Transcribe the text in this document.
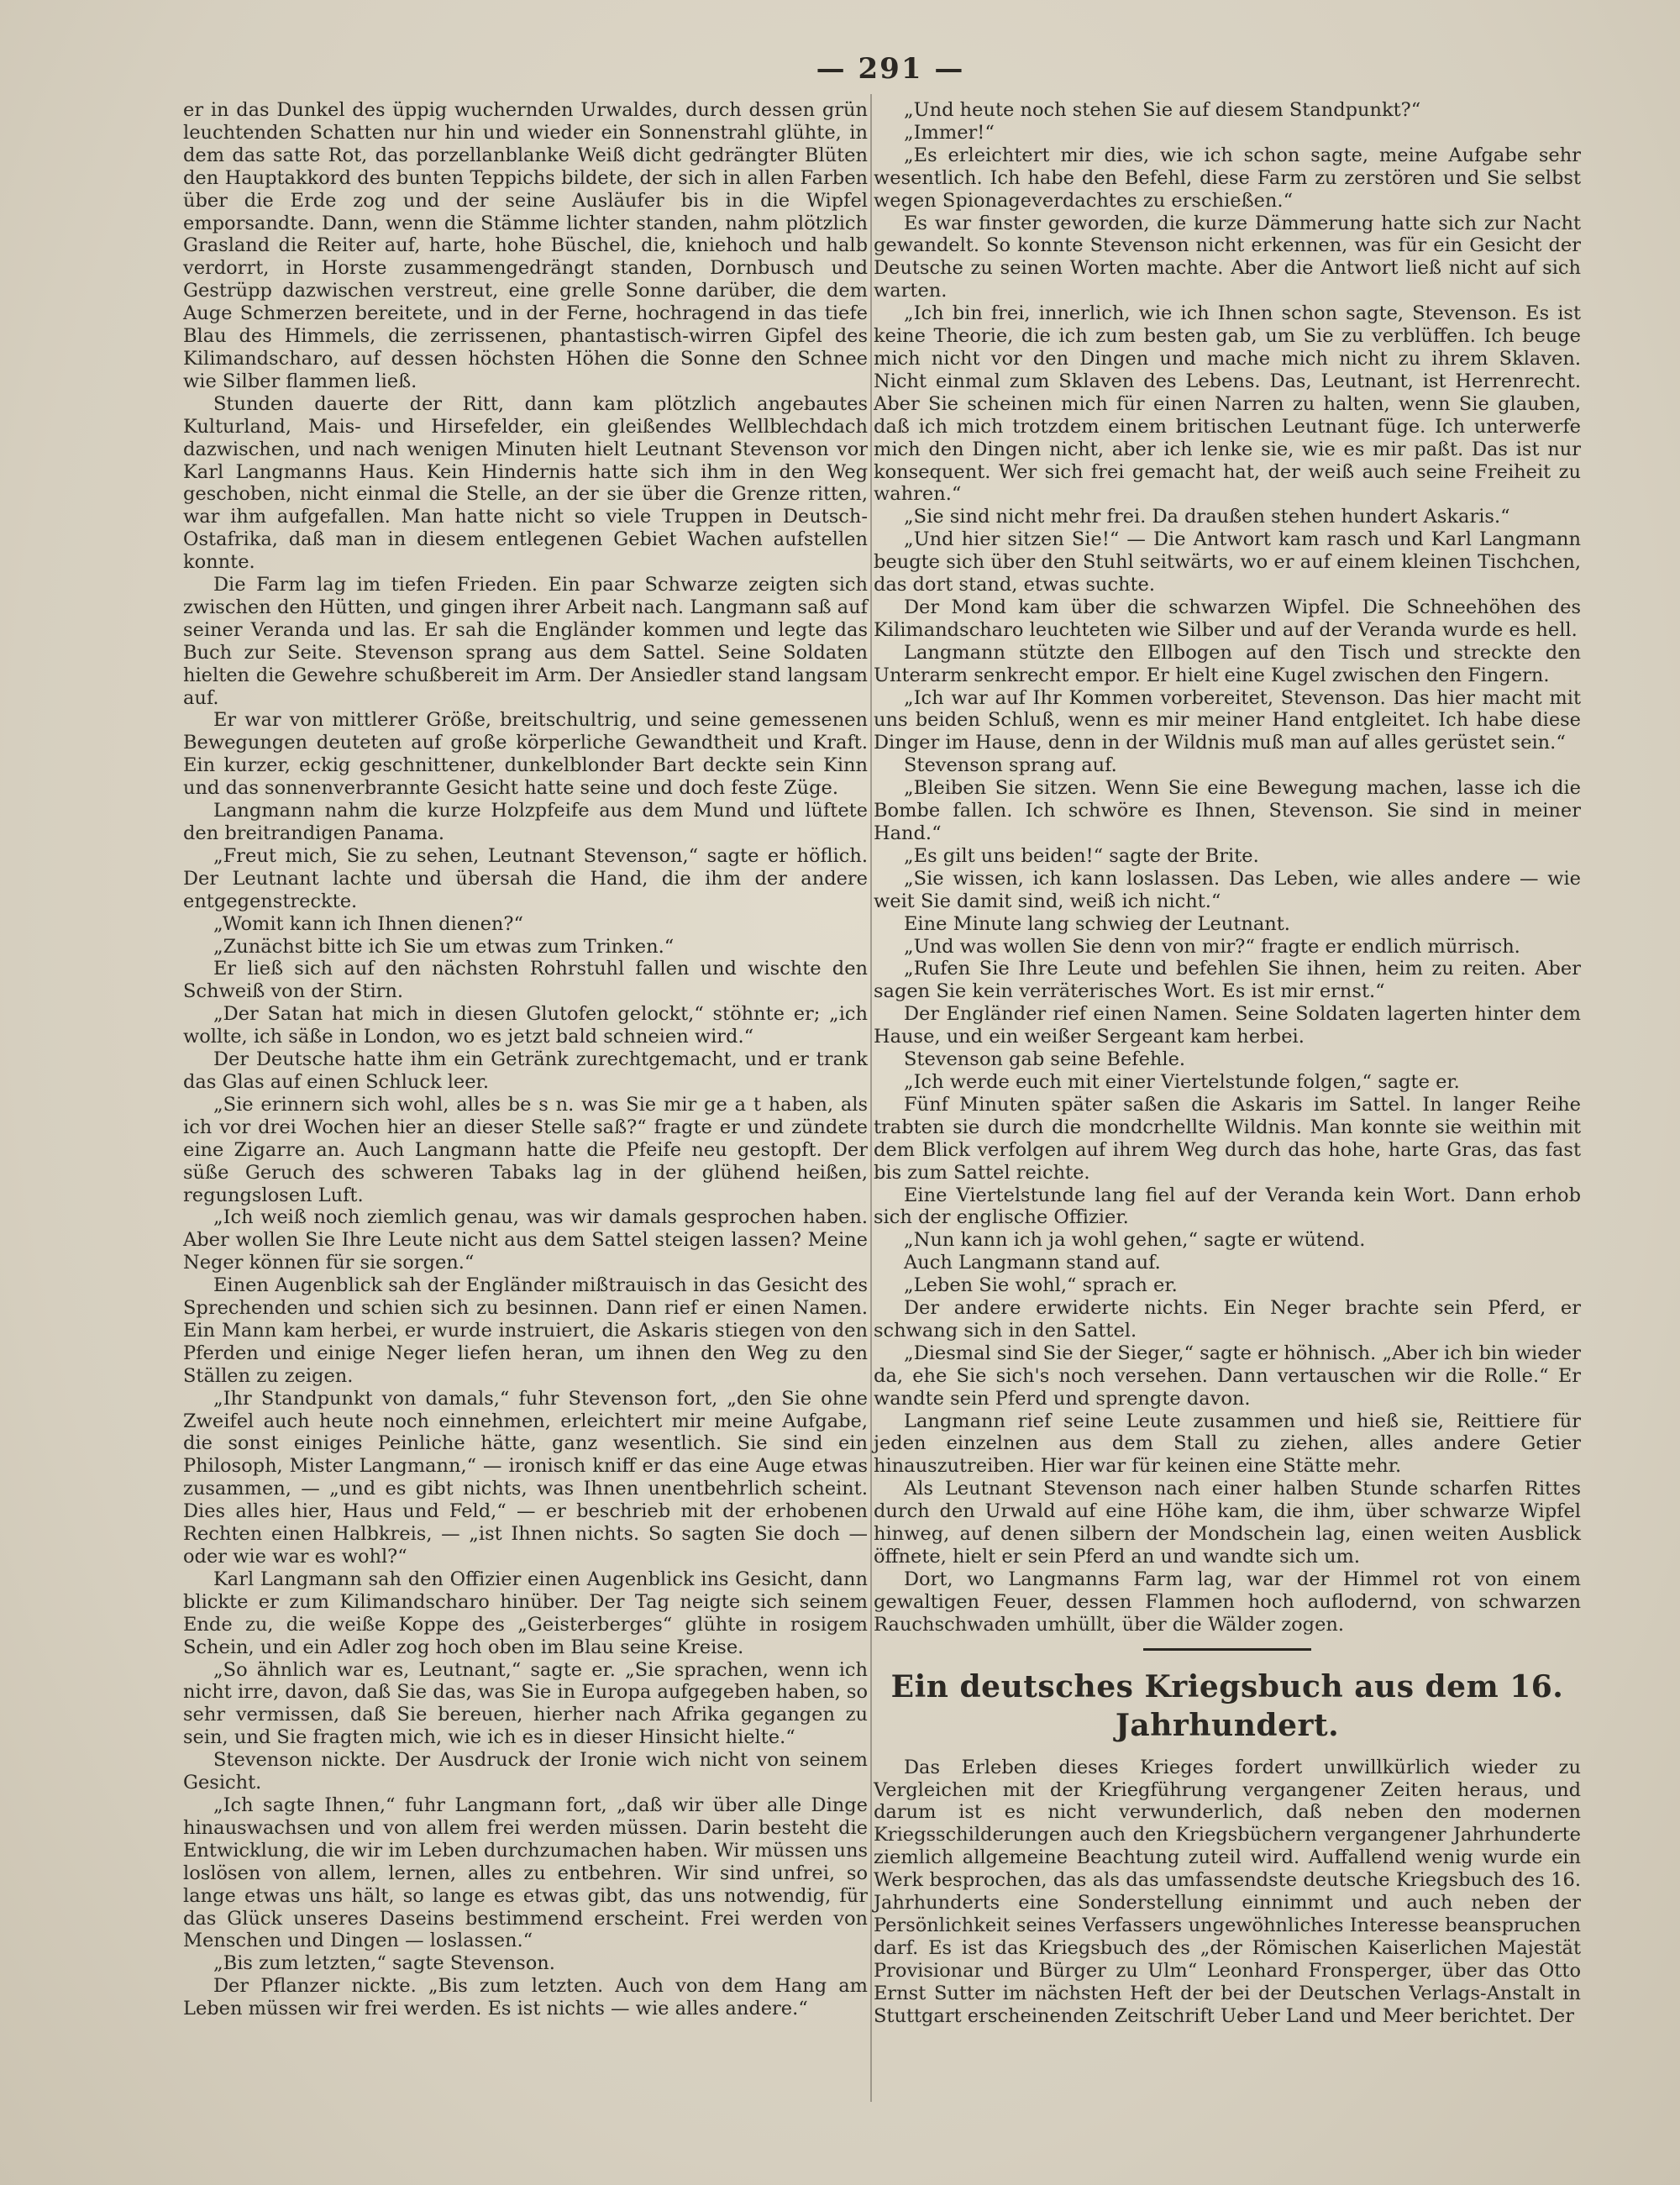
— 291 —

er in das Dunkel des üppig wuchernden Urwaldes, durch dessen grün leuchtenden Schatten nur hin und wieder ein Sonnenstrahl glühte, in dem das satte Rot, das porzellanblanke Weiß dicht gedrängter Blüten den Hauptakkord des bunten Teppichs bildete, der sich in allen Farben über die Erde zog und der seine Ausläufer bis in die Wipfel emporsandte. Dann, wenn die Stämme lichter standen, nahm plötzlich Grasland die Reiter auf, harte, hohe Büschel, die, kniehoch und halb verdorrt, in Horste zusammengedrängt standen, Dornbusch und Gestrüpp dazwischen verstreut, eine grelle Sonne darüber, die dem Auge Schmerzen bereitete, und in der Ferne, hochragend in das tiefe Blau des Himmels, die zerrissenen, phantastisch-wirren Gipfel des Kilimandscharo, auf dessen höchsten Höhen die Sonne den Schnee wie Silber flammen ließ.

Stunden dauerte der Ritt, dann kam plötzlich angebautes Kulturland, Mais- und Hirsefelder, ein gleißendes Wellblechdach dazwischen, und nach wenigen Minuten hielt Leutnant Stevenson vor Karl Langmanns Haus. Kein Hindernis hatte sich ihm in den Weg geschoben, nicht einmal die Stelle, an der sie über die Grenze ritten, war ihm aufgefallen. Man hatte nicht so viele Truppen in Deutsch-Ostafrika, daß man in diesem entlegenen Gebiet Wachen aufstellen konnte.

Die Farm lag im tiefen Frieden. Ein paar Schwarze zeigten sich zwischen den Hütten, und gingen ihrer Arbeit nach. Langmann saß auf seiner Veranda und las. Er sah die Engländer kommen und legte das Buch zur Seite. Stevenson sprang aus dem Sattel. Seine Soldaten hielten die Gewehre schußbereit im Arm. Der Ansiedler stand langsam auf.

Er war von mittlerer Größe, breitschultrig, und seine gemessenen Bewegungen deuteten auf große körperliche Gewandtheit und Kraft. Ein kurzer, eckig geschnittener, dunkelblonder Bart deckte sein Kinn und das sonnenverbrannte Gesicht hatte seine und doch feste Züge.

Langmann nahm die kurze Holzpfeife aus dem Mund und lüftete den breitrandigen Panama.

„Freut mich, Sie zu sehen, Leutnant Stevenson,“ sagte er höflich. Der Leutnant lachte und übersah die Hand, die ihm der andere entgegenstreckte.

„Womit kann ich Ihnen dienen?“

„Zunächst bitte ich Sie um etwas zum Trinken.“

Er ließ sich auf den nächsten Rohrstuhl fallen und wischte den Schweiß von der Stirn.

„Der Satan hat mich in diesen Glutofen gelockt,“ stöhnte er; „ich wollte, ich säße in London, wo es jetzt bald schneien wird.“

Der Deutsche hatte ihm ein Getränk zurechtgemacht, und er trank das Glas auf einen Schluck leer.

„Sie erinnern sich wohl, alles be s n. was Sie mir ge a t haben, als ich vor drei Wochen hier an dieser Stelle saß?“ fragte er und zündete eine Zigarre an. Auch Langmann hatte die Pfeife neu gestopft. Der süße Geruch des schweren Tabaks lag in der glühend heißen, regungslosen Luft.

„Ich weiß noch ziemlich genau, was wir damals gesprochen haben. Aber wollen Sie Ihre Leute nicht aus dem Sattel steigen lassen? Meine Neger können für sie sorgen.“

Einen Augenblick sah der Engländer mißtrauisch in das Gesicht des Sprechenden und schien sich zu besinnen. Dann rief er einen Namen. Ein Mann kam herbei, er wurde instruiert, die Askaris stiegen von den Pferden und einige Neger liefen heran, um ihnen den Weg zu den Ställen zu zeigen.

„Ihr Standpunkt von damals,“ fuhr Stevenson fort, „den Sie ohne Zweifel auch heute noch einnehmen, erleichtert mir meine Aufgabe, die sonst einiges Peinliche hätte, ganz wesentlich. Sie sind ein Philosoph, Mister Langmann,“ — ironisch kniff er das eine Auge etwas zusammen, — „und es gibt nichts, was Ihnen unentbehrlich scheint. Dies alles hier, Haus und Feld,“ — er beschrieb mit der erhobenen Rechten einen Halbkreis, — „ist Ihnen nichts. So sagten Sie doch — oder wie war es wohl?“

Karl Langmann sah den Offizier einen Augenblick ins Gesicht, dann blickte er zum Kilimandscharo hinüber. Der Tag neigte sich seinem Ende zu, die weiße Koppe des „Geisterberges“ glühte in rosigem Schein, und ein Adler zog hoch oben im Blau seine Kreise.

„So ähnlich war es, Leutnant,“ sagte er. „Sie sprachen, wenn ich nicht irre, davon, daß Sie das, was Sie in Europa aufgegeben haben, so sehr vermissen, daß Sie bereuen, hierher nach Afrika gegangen zu sein, und Sie fragten mich, wie ich es in dieser Hinsicht hielte.“

Stevenson nickte. Der Ausdruck der Ironie wich nicht von seinem Gesicht.

„Ich sagte Ihnen,“ fuhr Langmann fort, „daß wir über alle Dinge hinauswachsen und von allem frei werden müssen. Darin besteht die Entwicklung, die wir im Leben durchzumachen haben. Wir müssen uns loslösen von allem, lernen, alles zu entbehren. Wir sind unfrei, so lange etwas uns hält, so lange es etwas gibt, das uns notwendig, für das Glück unseres Daseins bestimmend erscheint. Frei werden von Menschen und Dingen — loslassen.“

„Bis zum letzten,“ sagte Stevenson.

Der Pflanzer nickte. „Bis zum letzten. Auch von dem Hang am Leben müssen wir frei werden. Es ist nichts — wie alles andere.“

„Und heute noch stehen Sie auf diesem Standpunkt?“

„Immer!“

„Es erleichtert mir dies, wie ich schon sagte, meine Aufgabe sehr wesentlich. Ich habe den Befehl, diese Farm zu zerstören und Sie selbst wegen Spionageverdachtes zu erschießen.“

Es war finster geworden, die kurze Dämmerung hatte sich zur Nacht gewandelt. So konnte Stevenson nicht erkennen, was für ein Gesicht der Deutsche zu seinen Worten machte. Aber die Antwort ließ nicht auf sich warten.

„Ich bin frei, innerlich, wie ich Ihnen schon sagte, Stevenson. Es ist keine Theorie, die ich zum besten gab, um Sie zu verblüffen. Ich beuge mich nicht vor den Dingen und mache mich nicht zu ihrem Sklaven. Nicht einmal zum Sklaven des Lebens. Das, Leutnant, ist Herrenrecht. Aber Sie scheinen mich für einen Narren zu halten, wenn Sie glauben, daß ich mich trotzdem einem britischen Leutnant füge. Ich unterwerfe mich den Dingen nicht, aber ich lenke sie, wie es mir paßt. Das ist nur konsequent. Wer sich frei gemacht hat, der weiß auch seine Freiheit zu wahren.“

„Sie sind nicht mehr frei. Da draußen stehen hundert Askaris.“

„Und hier sitzen Sie!“ — Die Antwort kam rasch und Karl Langmann beugte sich über den Stuhl seitwärts, wo er auf einem kleinen Tischchen, das dort stand, etwas suchte.

Der Mond kam über die schwarzen Wipfel. Die Schneehöhen des Kilimandscharo leuchteten wie Silber und auf der Veranda wurde es hell.

Langmann stützte den Ellbogen auf den Tisch und streckte den Unterarm senkrecht empor. Er hielt eine Kugel zwischen den Fingern.

„Ich war auf Ihr Kommen vorbereitet, Stevenson. Das hier macht mit uns beiden Schluß, wenn es mir meiner Hand entgleitet. Ich habe diese Dinger im Hause, denn in der Wildnis muß man auf alles gerüstet sein.“

Stevenson sprang auf.

„Bleiben Sie sitzen. Wenn Sie eine Bewegung machen, lasse ich die Bombe fallen. Ich schwöre es Ihnen, Stevenson. Sie sind in meiner Hand.“

„Es gilt uns beiden!“ sagte der Brite.

„Sie wissen, ich kann loslassen. Das Leben, wie alles andere — wie weit Sie damit sind, weiß ich nicht.“

Eine Minute lang schwieg der Leutnant.

„Und was wollen Sie denn von mir?“ fragte er endlich mürrisch.

„Rufen Sie Ihre Leute und befehlen Sie ihnen, heim zu reiten. Aber sagen Sie kein verräterisches Wort. Es ist mir ernst.“

Der Engländer rief einen Namen. Seine Soldaten lagerten hinter dem Hause, und ein weißer Sergeant kam herbei.

Stevenson gab seine Befehle.

„Ich werde euch mit einer Viertelstunde folgen,“ sagte er.

Fünf Minuten später saßen die Askaris im Sattel. In langer Reihe trabten sie durch die mondcrhellte Wildnis. Man konnte sie weithin mit dem Blick verfolgen auf ihrem Weg durch das hohe, harte Gras, das fast bis zum Sattel reichte.

Eine Viertelstunde lang fiel auf der Veranda kein Wort. Dann erhob sich der englische Offizier.

„Nun kann ich ja wohl gehen,“ sagte er wütend.

Auch Langmann stand auf.

„Leben Sie wohl,“ sprach er.

Der andere erwiderte nichts. Ein Neger brachte sein Pferd, er schwang sich in den Sattel.

„Diesmal sind Sie der Sieger,“ sagte er höhnisch. „Aber ich bin wieder da, ehe Sie sich's noch versehen. Dann vertauschen wir die Rolle.“ Er wandte sein Pferd und sprengte davon.

Langmann rief seine Leute zusammen und hieß sie, Reittiere für jeden einzelnen aus dem Stall zu ziehen, alles andere Getier hinauszutreiben. Hier war für keinen eine Stätte mehr.

Als Leutnant Stevenson nach einer halben Stunde scharfen Rittes durch den Urwald auf eine Höhe kam, die ihm, über schwarze Wipfel hinweg, auf denen silbern der Mondschein lag, einen weiten Ausblick öffnete, hielt er sein Pferd an und wandte sich um.

Dort, wo Langmanns Farm lag, war der Himmel rot von einem gewaltigen Feuer, dessen Flammen hoch auflodernd, von schwarzen Rauchschwaden umhüllt, über die Wälder zogen.

Ein deutsches Kriegsbuch aus dem 16. Jahrhundert.

Das Erleben dieses Krieges fordert unwillkürlich wieder zu Vergleichen mit der Kriegführung vergangener Zeiten heraus, und darum ist es nicht verwunderlich, daß neben den modernen Kriegsschilderungen auch den Kriegsbüchern vergangener Jahrhunderte ziemlich allgemeine Beachtung zuteil wird. Auffallend wenig wurde ein Werk besprochen, das als das umfassendste deutsche Kriegsbuch des 16. Jahrhunderts eine Sonderstellung einnimmt und auch neben der Persönlichkeit seines Verfassers ungewöhnliches Interesse beanspruchen darf. Es ist das Kriegsbuch des „der Römischen Kaiserlichen Majestät Provisionar und Bürger zu Ulm“ Leonhard Fronsperger, über das Otto Ernst Sutter im nächsten Heft der bei der Deutschen Verlags-Anstalt in Stuttgart erscheinenden Zeitschrift Ueber Land und Meer berichtet. Der
